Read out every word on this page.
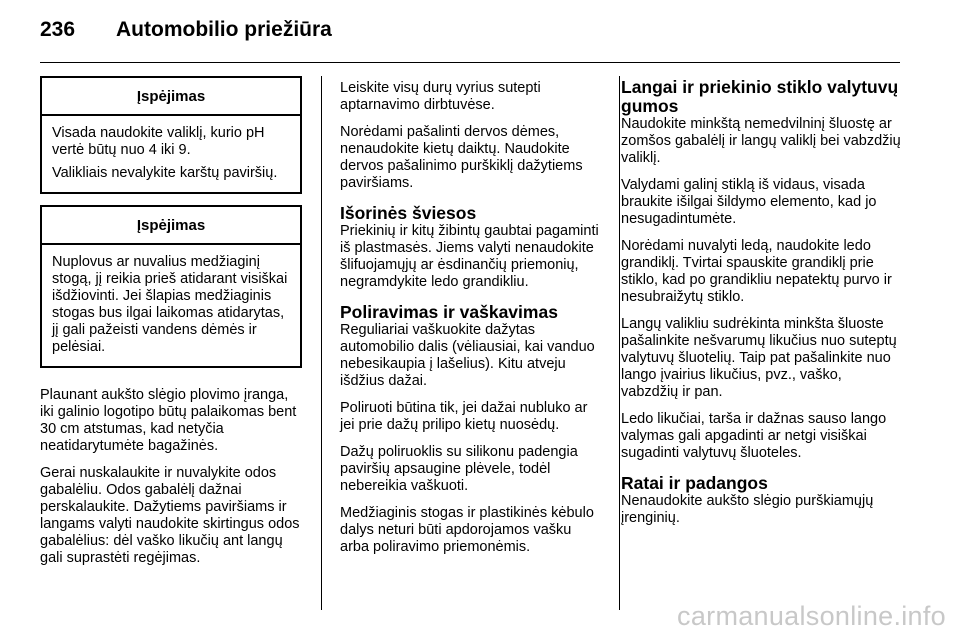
236 Automobilio priežiūra
Įspėjimas

Visada naudokite valiklį, kurio pH vertė būtų nuo 4 iki 9.

Valikliais nevalykite karštų paviršių.

Įspėjimas

Nuplovus ar nuvalius medžiaginį stogą, jį reikia prieš atidarant visiškai išdžiovinti. Jei šlapias medžiaginis stogas bus ilgai laikomas atidarytas, jį gali pažeisti vandens dėmės ir pelėsiai.

Plaunant aukšto slėgio plovimo įranga, iki galinio logotipo būtų palaikomas bent 30 cm atstumas, kad netyčia neatidarytumėte bagažinės.

Gerai nuskalaukite ir nuvalykite odos gabalėliu. Odos gabalėlį dažnai perskalaukite. Dažytiems paviršiams ir langams valyti naudokite skirtingus odos gabalėlius: dėl vaško likučių ant langų gali suprastėti regėjimas.

Leiskite visų durų vyrius sutepti aptarnavimo dirbtuvėse.

Norėdami pašalinti dervos dėmes, nenaudokite kietų daiktų. Naudokite dervos pašalinimo purškiklį dažytiems paviršiams.

Išorinės šviesos

Priekinių ir kitų žibintų gaubtai pagaminti iš plastmasės. Jiems valyti nenaudokite šlifuojamųjų ar ėsdinančių priemonių, negramdykite ledo grandikliu.

Poliravimas ir vaškavimas

Reguliariai vaškuokite dažytas automobilio dalis (vėliausiai, kai vanduo nebesikaupia į lašelius). Kitu atveju išdžius dažai.

Poliruoti būtina tik, jei dažai nubluko ar jei prie dažų prilipo kietų nuosėdų.

Dažų poliruoklis su silikonu padengia paviršių apsaugine plėvele, todėl nebereikia vaškuoti.

Medžiaginis stogas ir plastikinės kėbulo dalys neturi būti apdorojamos vašku arba poliravimo priemonėmis.

Langai ir priekinio stiklo valytuvų gumos

Naudokite minkštą nemedvilninį šluostę ar zomšos gabalėlį ir langų valiklį bei vabzdžių valiklį.

Valydami galinį stiklą iš vidaus, visada braukite išilgai šildymo elemento, kad jo nesugadintumėte.

Norėdami nuvalyti ledą, naudokite ledo grandiklį. Tvirtai spauskite grandiklį prie stiklo, kad po grandikliu nepatektų purvo ir nesubraižytų stiklo.

Langų valikliu sudrėkinta minkšta šluoste pašalinkite nešvarumų likučius nuo suteptų valytuvų šluotelių. Taip pat pašalinkite nuo lango įvairius likučius, pvz., vaško, vabzdžių ir pan.

Ledo likučiai, tarša ir dažnas sauso lango valymas gali apgadinti ar netgi visiškai sugadinti valytuvų šluoteles.

Ratai ir padangos

Nenaudokite aukšto slėgio purškiamųjų įrenginių.

carmanualsonline.info
